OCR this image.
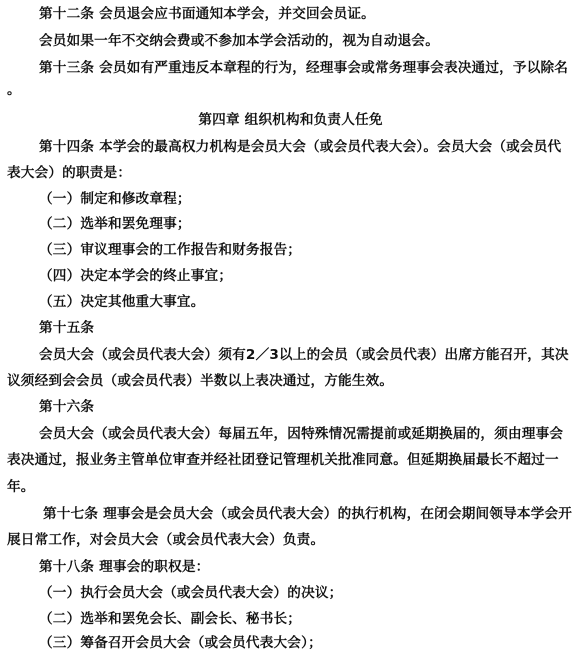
第十二条 会员退会应书面通知本学会，并交回会员证。
会员如果一年不交纳会费或不参加本学会活动的，视为自动退会。
第十三条 会员如有严重违反本章程的行为，经理事会或常务理事会表决通过，予以除名
。
第四章 组织机构和负责人任免
第十四条 本学会的最高权力机构是会员大会（或会员代表大会）。会员大会（或会员代
表大会）的职责是：
（一）制定和修改章程；
（二）选举和罢免理事；
（三）审议理事会的工作报告和财务报告；
（四）决定本学会的终止事宜；
（五）决定其他重大事宜。
第十五条
会员大会（或会员代表大会）须有2／3以上的会员（或会员代表）出席方能召开，其决
议须经到会会员（或会员代表）半数以上表决通过，方能生效。
第十六条
会员大会（或会员代表大会）每届五年，因特殊情况需提前或延期换届的，须由理事会
表决通过，报业务主管单位审查并经社团登记管理机关批准同意。但延期换届最长不超过一
年。
第十七条 理事会是会员大会（或会员代表大会）的执行机构，在闭会期间领导本学会开
展日常工作，对会员大会（或会员代表大会）负责。
第十八条 理事会的职权是：
（一）执行会员大会（或会员代表大会）的决议；
（二）选举和罢免会长、副会长、秘书长；
（三）筹备召开会员大会（或会员代表大会）；
